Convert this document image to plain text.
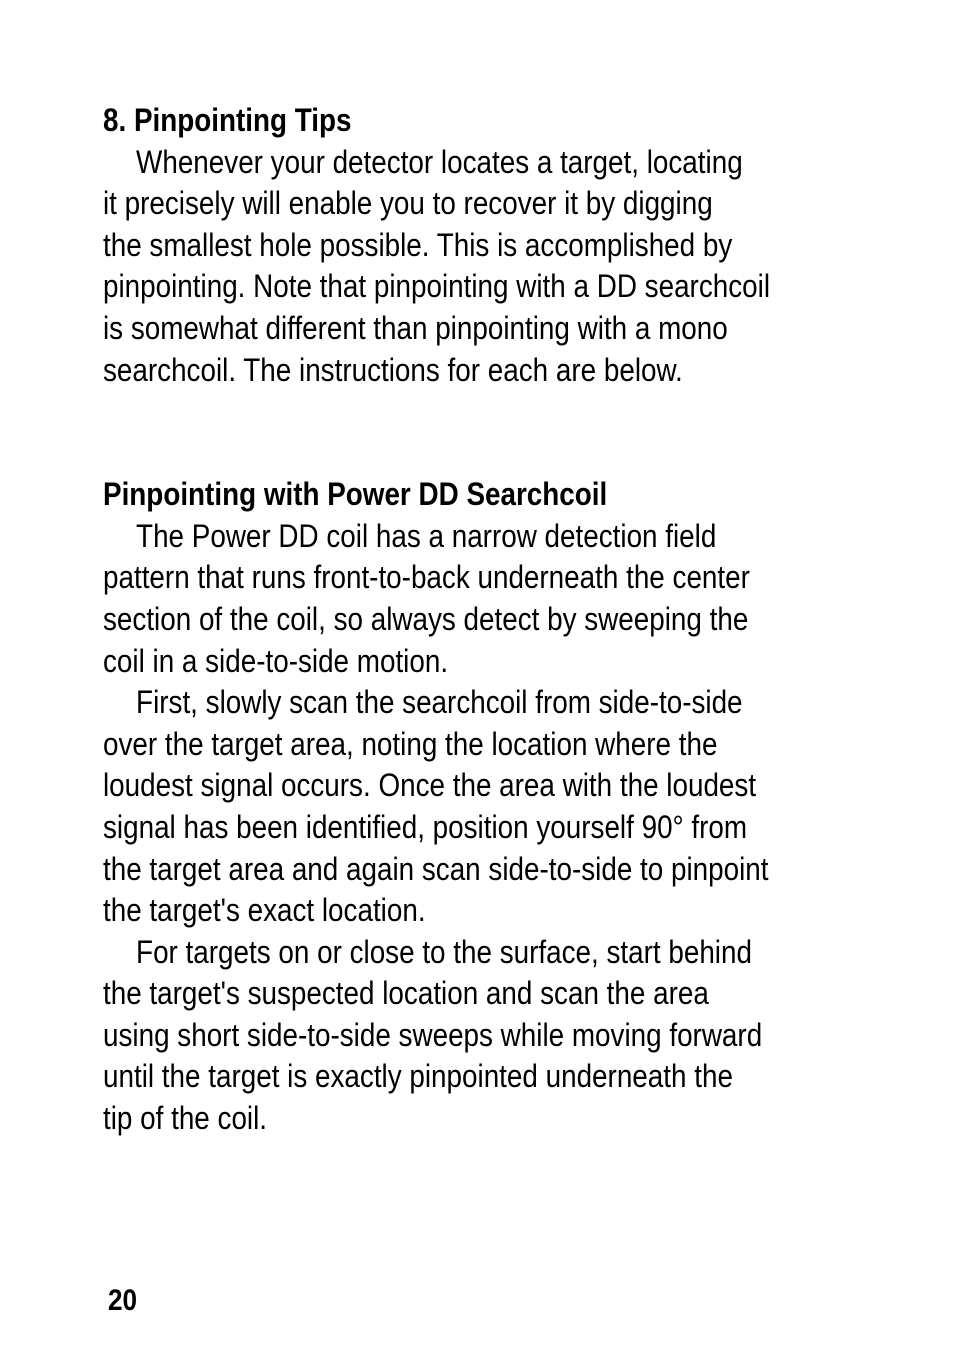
8. Pinpointing Tips
Whenever your detector locates a target, locating
it precisely will enable you to recover it by digging
the smallest hole possible. This is accomplished by
pinpointing. Note that pinpointing with a DD searchcoil
is somewhat different than pinpointing with a mono
searchcoil. The instructions for each are below.
Pinpointing with Power DD Searchcoil
The Power DD coil has a narrow detection field
pattern that runs front-to-back underneath the center
section of the coil, so always detect by sweeping the
coil in a side-to-side motion.
First, slowly scan the searchcoil from side-to-side
over the target area, noting the location where the
loudest signal occurs. Once the area with the loudest
signal has been identified, position yourself 90° from
the target area and again scan side-to-side to pinpoint
the target's exact location.
For targets on or close to the surface, start behind
the target's suspected location and scan the area
using short side-to-side sweeps while moving forward
until the target is exactly pinpointed underneath the
tip of the coil.
20
